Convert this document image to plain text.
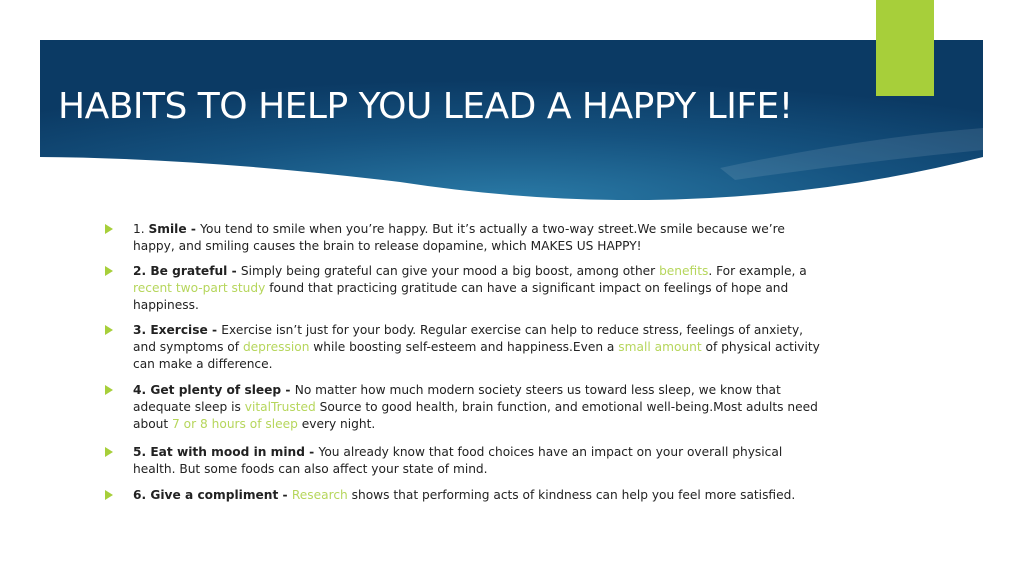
HABITS TO HELP YOU LEAD A HAPPY LIFE!
1. Smile - You tend to smile when you’re happy. But it’s actually a two-way street.We smile because we’re happy, and smiling causes the brain to release dopamine, which MAKES US HAPPY!
2. Be grateful - Simply being grateful can give your mood a big boost, among other benefits. For example, a recent two-part study found that practicing gratitude can have a significant impact on feelings of hope and happiness.
3. Exercise - Exercise isn’t just for your body. Regular exercise can help to reduce stress, feelings of anxiety, and symptoms of depression while boosting self-esteem and happiness.Even a small amount of physical activity can make a difference.
4. Get plenty of sleep - No matter how much modern society steers us toward less sleep, we know that adequate sleep is vitalTrusted Source to good health, brain function, and emotional well-being.Most adults need about 7 or 8 hours of sleep every night.
5. Eat with mood in mind - You already know that food choices have an impact on your overall physical health. But some foods can also affect your state of mind.
6. Give a compliment - Research shows that performing acts of kindness can help you feel more satisfied.
